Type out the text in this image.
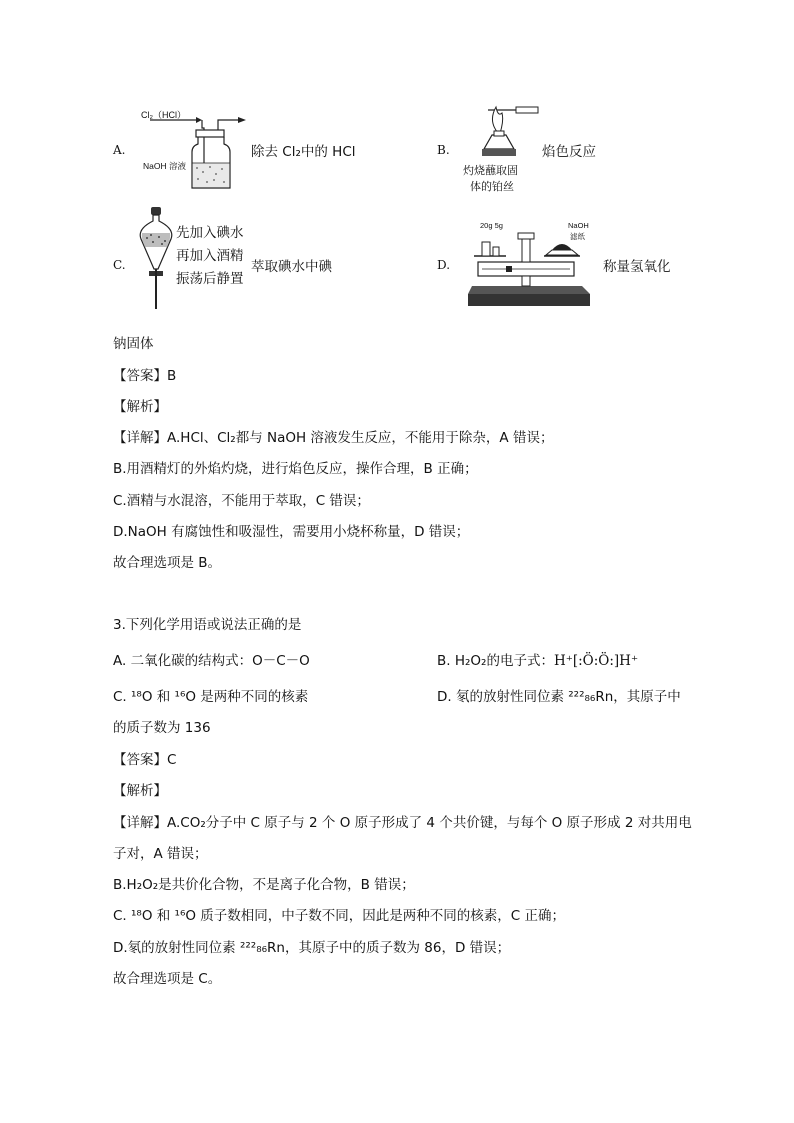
A.
Cl₂（HCl）
NaOH 溶液
除去 Cl₂中的 HCl	B.	焰色反应
灼烧蘸取固
体的铂丝
C.
先加入碘水
再加入酒精
萃取碘水中碘
振荡后静置
D.
20g 5g	NaOH
滤纸
称量氢氧化
钠固体
【答案】B
【解析】
【详解】A.HCl、Cl₂都与 NaOH 溶液发生反应，不能用于除杂，A 错误；
B.用酒精灯的外焰灼烧，进行焰色反应，操作合理，B 正确；
C.酒精与水混溶，不能用于萃取，C 错误；
D.NaOH 有腐蚀性和吸湿性，需要用小烧杯称量，D 错误；
故合理选项是 B。
3.下列化学用语或说法正确的是
A. 二氧化碳的结构式：O－C－O	B. H₂O₂的电子式：H⁺[:Ö:Ö:]H⁺
C. ¹⁸O 和 ¹⁶O 是两种不同的核素	D. 氡的放射性同位素 ²²²₈₆Rn，其原子中
的质子数为 136
【答案】C
【解析】
【详解】A.CO₂分子中 C 原子与 2 个 O 原子形成了 4 个共价键，与每个 O 原子形成 2 对共用电
子对，A 错误；
B.H₂O₂是共价化合物，不是离子化合物，B 错误；
C. ¹⁸O 和 ¹⁶O 质子数相同，中子数不同，因此是两种不同的核素，C 正确；
D.氡的放射性同位素 ²²²₈₆Rn，其原子中的质子数为 86，D 错误；
故合理选项是 C。
